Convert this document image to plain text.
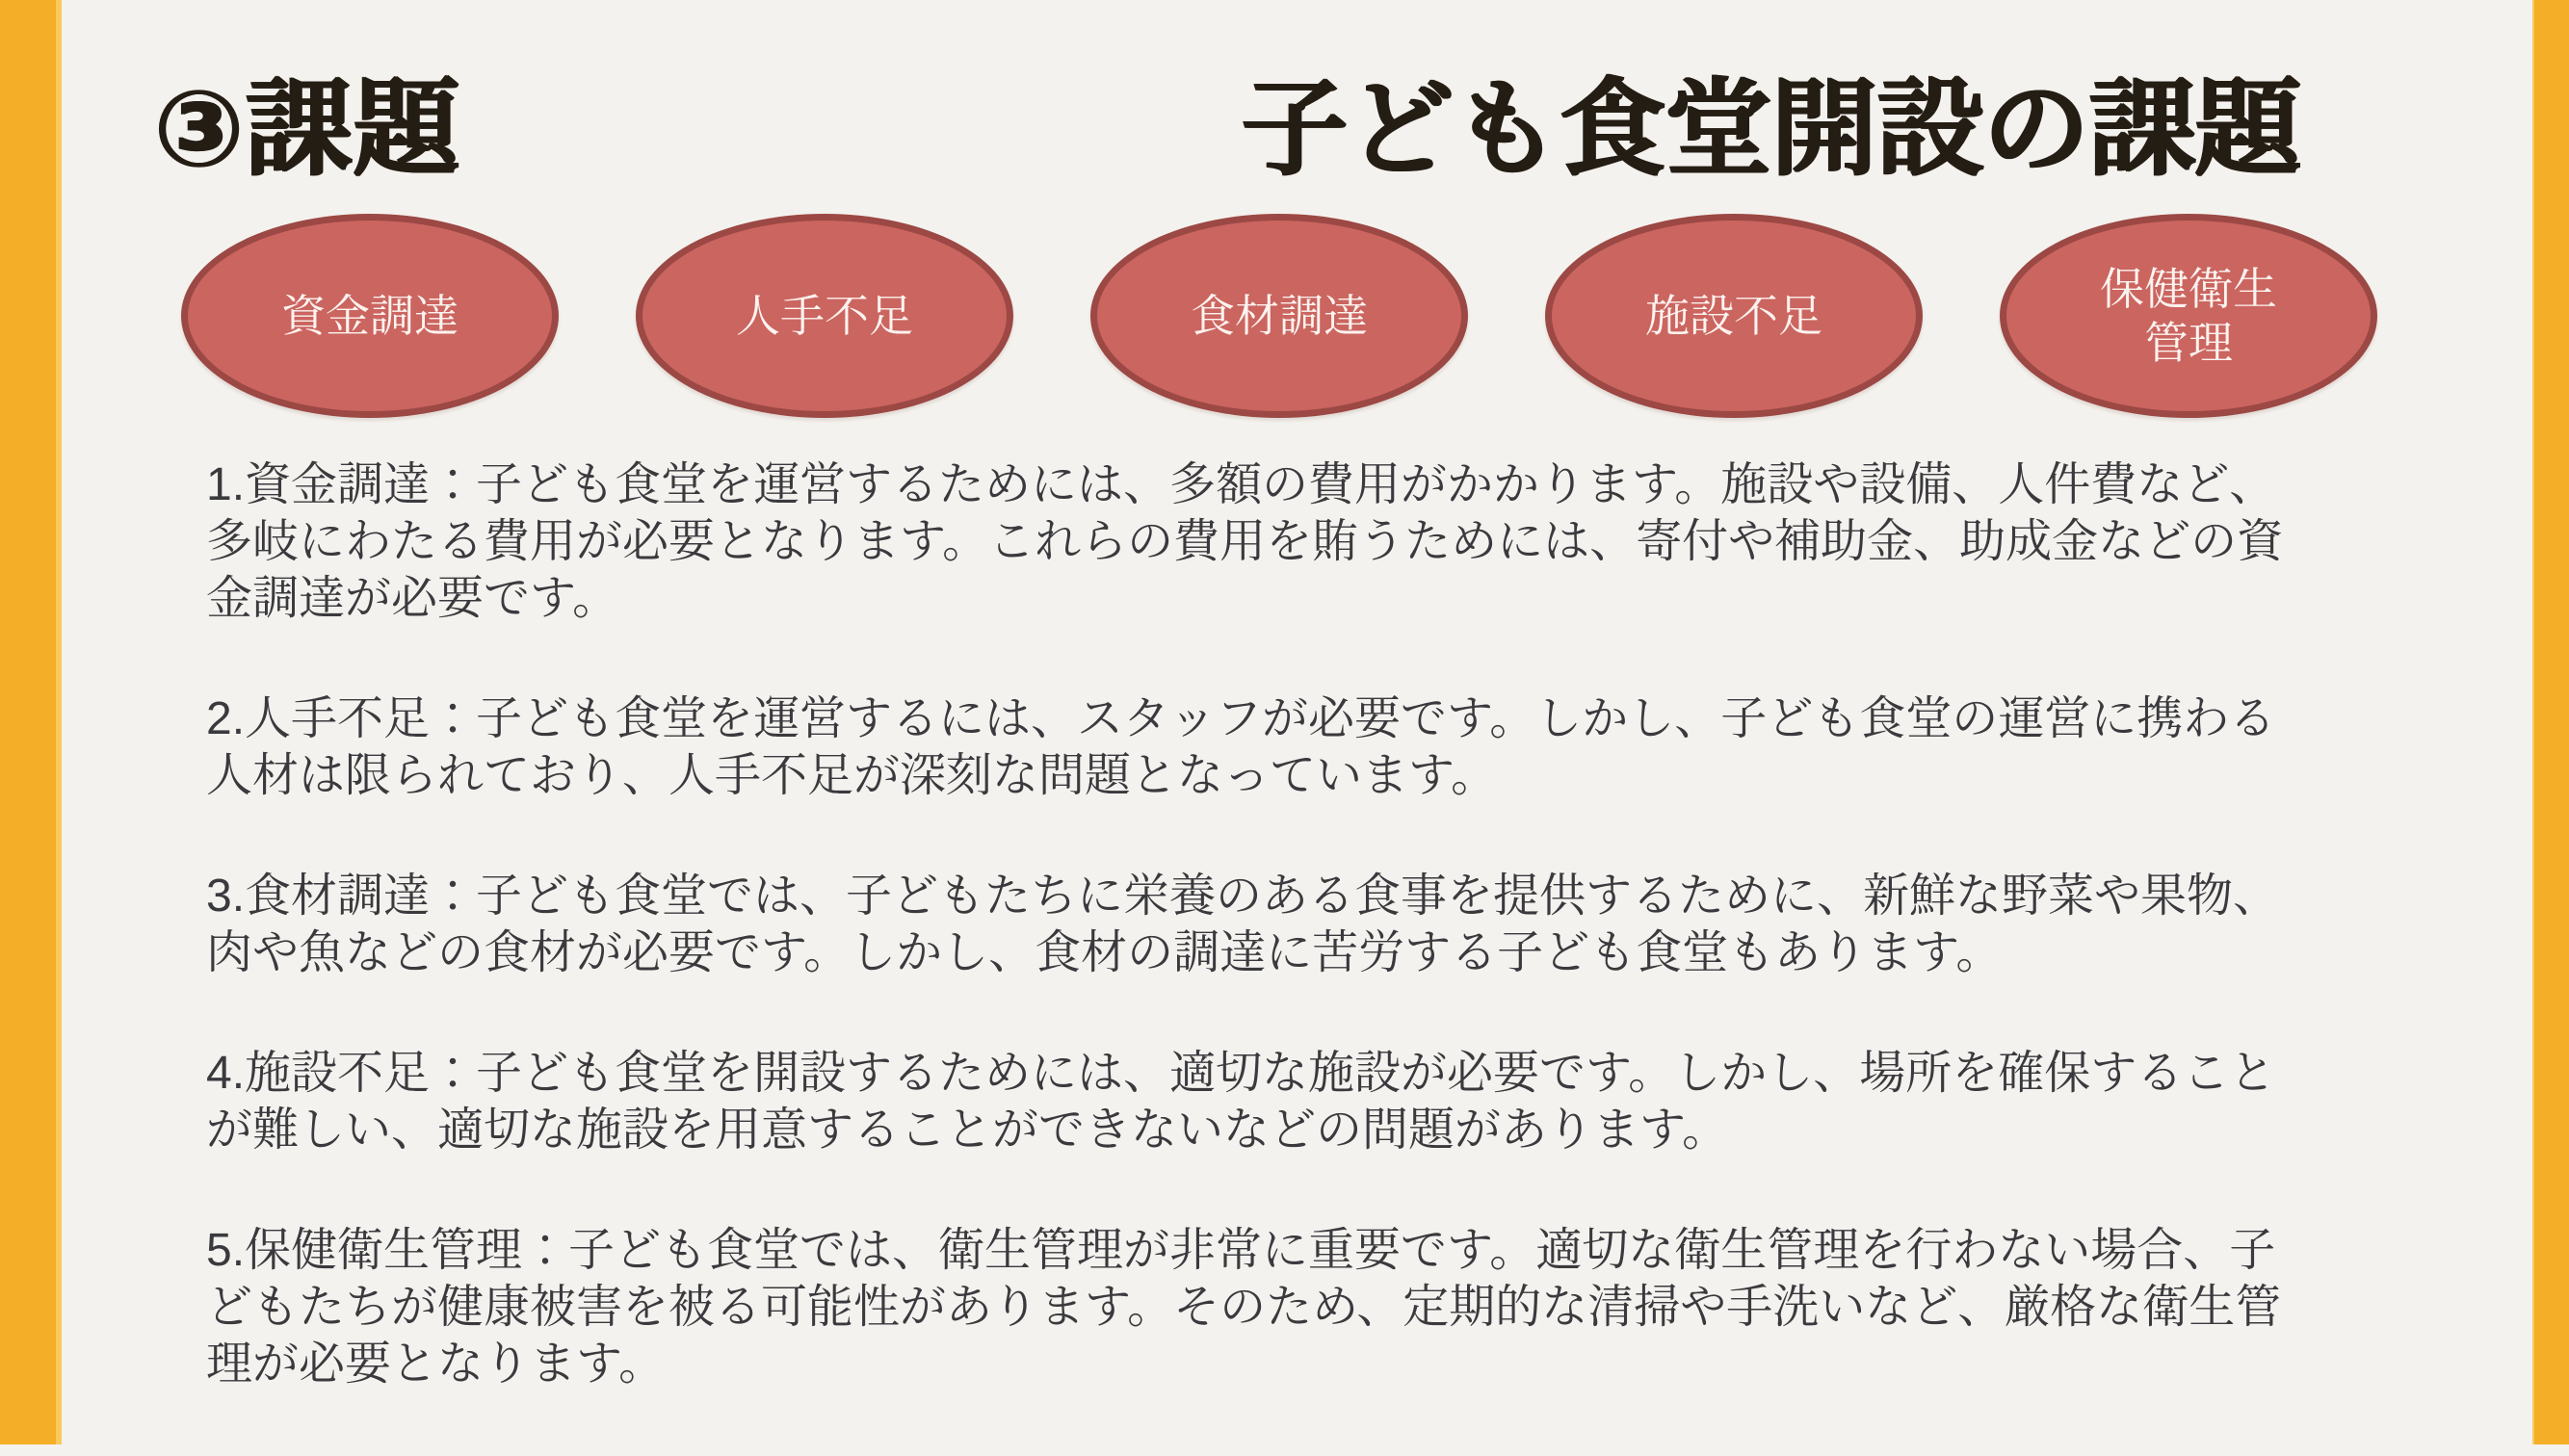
③課題	子ども食堂開設の課題
資金調達	人手不足	食材調達	施設不足
保健衛生
管理

1.資金調達：子ども食堂を運営するためには、多額の費用がかかります。施設や設備、人件費など、
多岐にわたる費用が必要となります。これらの費用を賄うためには、寄付や補助金、助成金などの資
金調達が必要です。

2.人手不足：子ども食堂を運営するには、スタッフが必要です。しかし、子ども食堂の運営に携わる
人材は限られており、人手不足が深刻な問題となっています。

3.食材調達：子ども食堂では、子どもたちに栄養のある食事を提供するために、新鮮な野菜や果物、
肉や魚などの食材が必要です。しかし、食材の調達に苦労する子ども食堂もあります。

4.施設不足：子ども食堂を開設するためには、適切な施設が必要です。しかし、場所を確保すること
が難しい、適切な施設を用意することができないなどの問題があります。

5.保健衛生管理：子ども食堂では、衛生管理が非常に重要です。適切な衛生管理を行わない場合、子
どもたちが健康被害を被る可能性があります。そのため、定期的な清掃や手洗いなど、厳格な衛生管
理が必要となります。
